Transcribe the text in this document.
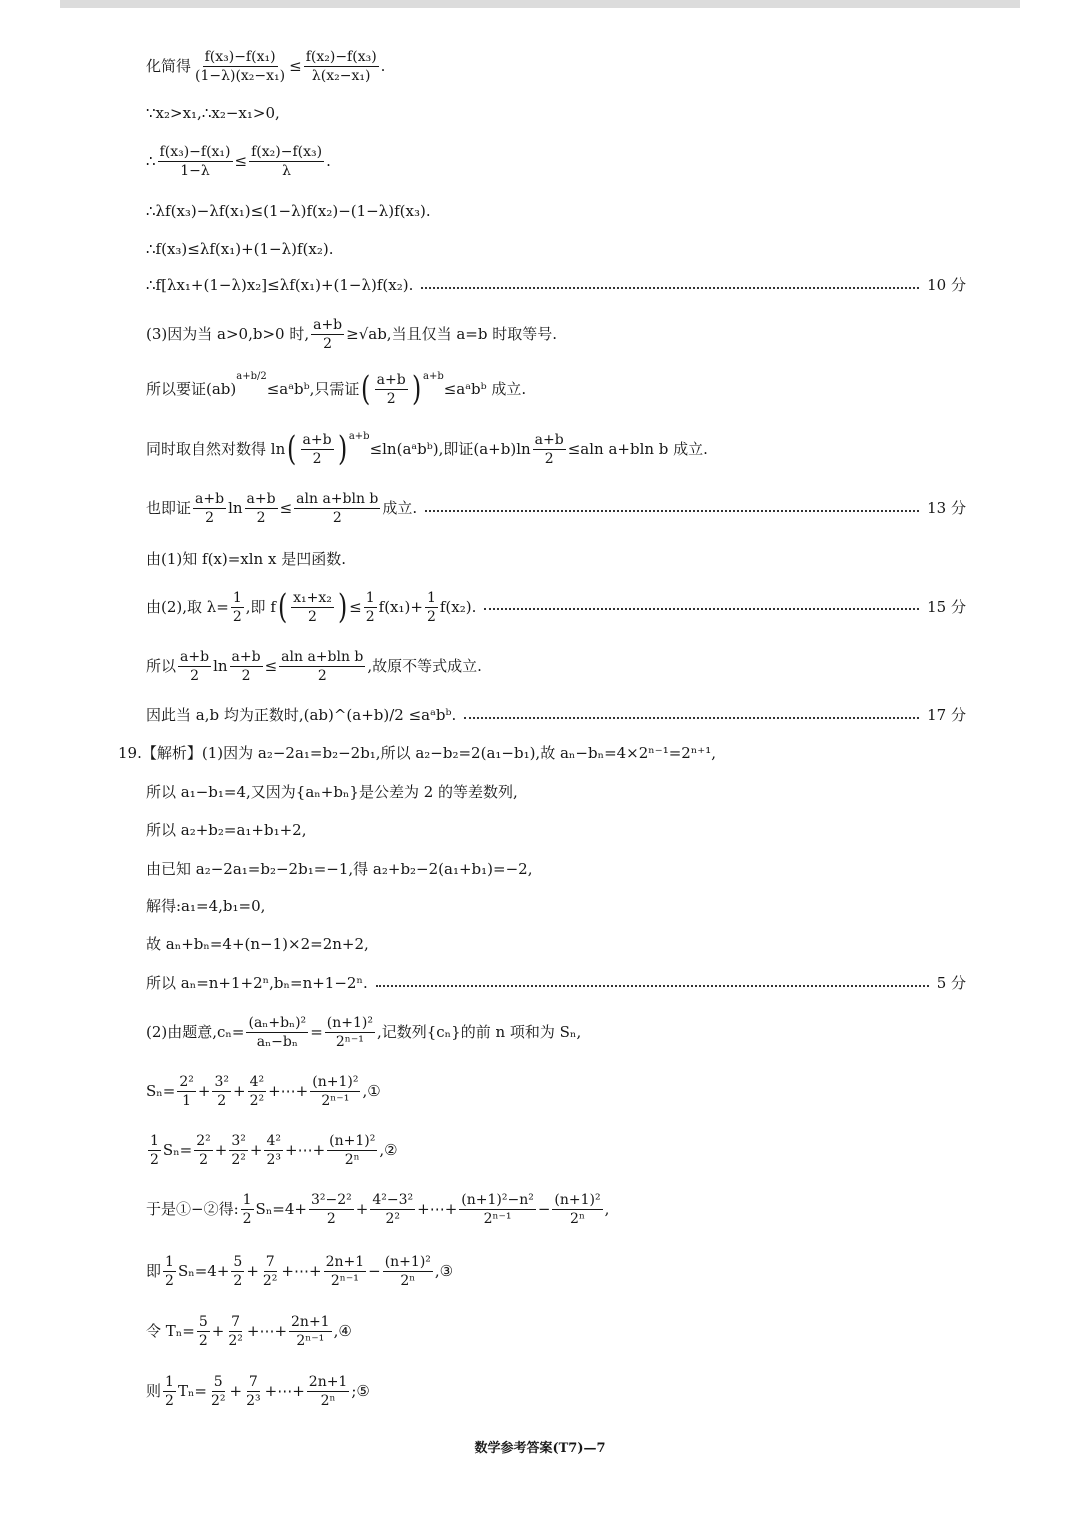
化简得 $\frac{\text{f(x₃)−f(x₁)}}{\text{(1−λ)(x₂−x₁)}} \le \frac{\text{f(x₂)−f(x₃)}}{\text{λ(x₂−x₁)}}$ .
∵x₂>x₁,∴x₂−x₁>0,
∴ $\frac{\text{f(x₃)−f(x₁)}}{1-\lambda} \le \frac{\text{f(x₂)−f(x₃)}}{\lambda}$ .
∴λf(x₃)−λf(x₁)≤(1−λ)f(x₂)−(1−λ)f(x₃).
∴f(x₃)≤λf(x₁)+(1−λ)f(x₂).
∴f[λx₁+(1−λ)x₂]≤λf(x₁)+(1−λ)f(x₂).	10 分
(3)因为当 a>0,b>0 时, $\frac{a+b}{2} \ge√ab$,当且仅当 a=b 时取等号.
所以要证(ab)
a+b/2
≤aᵃbᵇ,只需证 ( $\frac{a+b}{2}$ ) a+b
≤aᵃbᵇ 成立.
同时取自然对数得 ln ( $\frac{a+b}{2}$ ) a+b
≤ln(aᵃbᵇ),即证$(a+b)\ln \frac{a+b}{2} \le aln$ a+bln b 成立.
也即证 $\frac{a+b}{2}$ $\ln \frac{a+b}{2} \le \frac{\text{aln a+bln b}}{2}$ 成立.	13 分
由(1)知 f(x)=xln x 是凹函数.
由(2),取 $\lambda= \frac{1}{2}$ ,即 f ( $\frac{\text{x₁+x₂}}{2}$ ) ≤ $\frac{1}{2} f(x_1)+ \frac{1}{2} f(x_2)$.	15 分
所以 $\frac{a+b}{2}$ $\ln \frac{a+b}{2} \le \frac{\text{aln a+bln b}}{2}$ ,故原不等式成立.
因此当 a,b 均为正数时,(ab)^(a+b)/2 ≤aᵃbᵇ.	17 分
19.【解析】(1)因为 a₂−2a₁=b₂−2b₁,所以 a₂−b₂=2(a₁−b₁),故 aₙ−bₙ=4×2ⁿ⁻¹=2ⁿ⁺¹,
所以 a₁−b₁=4,又因为{aₙ+bₙ}是公差为 2 的等差数列,
所以 a₂+b₂=a₁+b₁+2,
由已知 a₂−2a₁=b₂−2b₁=−1,得 a₂+b₂−2(a₁+b₁)=−2,
解得:a₁=4,b₁=0,
故 aₙ+bₙ=4+(n−1)×2=2n+2,
所以 aₙ=n+1+2ⁿ,bₙ=n+1−2ⁿ.	5 分
(2)由题意$,c_n= \frac{\text{(aₙ+bₙ)²}}{\text{aₙ−bₙ}} = \frac{\text{(n+1)²}}{\text{2ⁿ⁻¹}}$ ,记数列{cₙ}的前 n 项和为 Sₙ,
$S_n= \frac{\text{2²}}{1} + \frac{\text{3²}}{2} + \frac{\text{4²}}{\text{2²}}$ +⋯+ $\frac{\text{(n+1)²}}{\text{2ⁿ⁻¹}}$ ,①
$\frac{1}{2} S_n= \frac{\text{2²}}{2} + \frac{\text{3²}}{\text{2²}} + \frac{\text{4²}}{\text{2³}}$ +⋯+ $\frac{\text{(n+1)²}}{\text{2ⁿ}}$ ,②
于是①−②得: $\frac{1}{2} S_n=4+ \frac{\text{3²−2²}}{2} + \frac{\text{4²−3²}}{\text{2²}}$ +⋯+ $\frac{\text{(n+1)²−n²}}{\text{2ⁿ⁻¹}} - \frac{\text{(n+1)²}}{\text{2ⁿ}}$ ,
即 $\frac{1}{2} S_n=4+ \frac{5}{2} + \frac{7}{\text{2²}}$ +⋯+ $\frac{2n+1}{\text{2ⁿ⁻¹}} - \frac{\text{(n+1)²}}{\text{2ⁿ}}$ ,③
令 $T_n= \frac{5}{2} + \frac{7}{\text{2²}}$ +⋯+ $\frac{2n+1}{\text{2ⁿ⁻¹}}$ ,④
则 $\frac{1}{2} T_n= \frac{5}{\text{2²}} + \frac{7}{\text{2³}}$ +⋯+ $\frac{2n+1}{\text{2ⁿ}}$ ;⑤
数学参考答案(T7)—7
